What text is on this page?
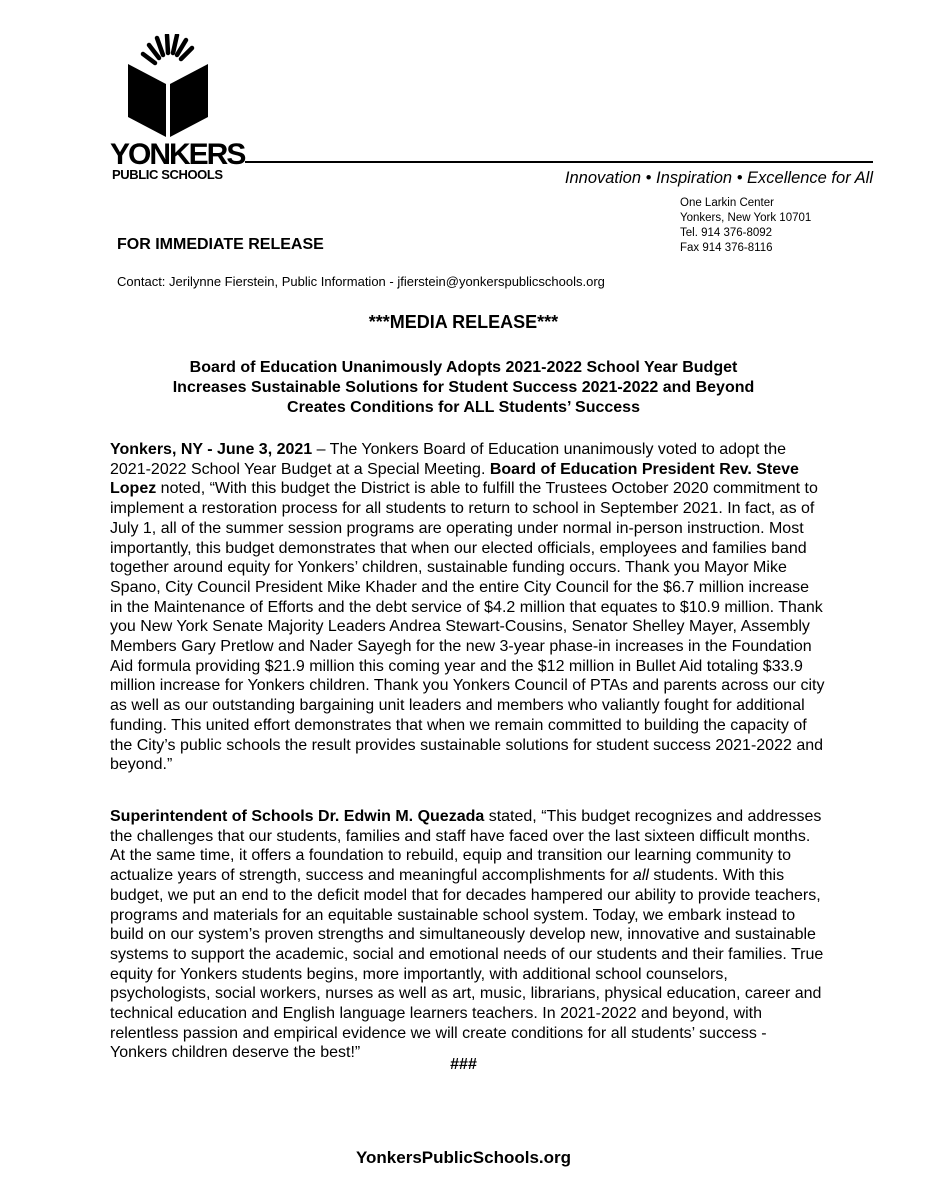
YONKERS
PUBLIC SCHOOLS	Innovation • Inspiration • Excellence for All
One Larkin Center
Yonkers, New York 10701
Tel. 914 376-8092
Fax 914 376-8116
FOR IMMEDIATE RELEASE
Contact: Jerilynne Fierstein, Public Information - jfierstein@yonkerspublicschools.org
***MEDIA RELEASE***
Board of Education Unanimously Adopts 2021-2022 School Year Budget
Increases Sustainable Solutions for Student Success 2021-2022 and Beyond
Creates Conditions for ALL Students’ Success
Yonkers, NY - June 3, 2021 – The Yonkers Board of Education unanimously voted to adopt the 2021-2022 School Year Budget at a Special Meeting. Board of Education President Rev. Steve Lopez noted, “With this budget the District is able to fulfill the Trustees October 2020 commitment to implement a restoration process for all students to return to school in September 2021. In fact, as of July 1, all of the summer session programs are operating under normal in-person instruction. Most importantly, this budget demonstrates that when our elected officials, employees and families band together around equity for Yonkers’ children, sustainable funding occurs. Thank you Mayor Mike Spano, City Council President Mike Khader and the entire City Council for the $6.7 million increase in the Maintenance of Efforts and the debt service of $4.2 million that equates to $10.9 million. Thank you New York Senate Majority Leaders Andrea Stewart-Cousins, Senator Shelley Mayer, Assembly Members Gary Pretlow and Nader Sayegh for the new 3-year phase-in increases in the Foundation Aid formula providing $21.9 million this coming year and the $12 million in Bullet Aid totaling $33.9 million increase for Yonkers children. Thank you Yonkers Council of PTAs and parents across our city as well as our outstanding bargaining unit leaders and members who valiantly fought for additional funding. This united effort demonstrates that when we remain committed to building the capacity of the City’s public schools the result provides sustainable solutions for student success 2021-2022 and beyond.”
Superintendent of Schools Dr. Edwin M. Quezada stated, “This budget recognizes and addresses the challenges that our students, families and staff have faced over the last sixteen difficult months. At the same time, it offers a foundation to rebuild, equip and transition our learning community to actualize years of strength, success and meaningful accomplishments for all students. With this budget, we put an end to the deficit model that for decades hampered our ability to provide teachers, programs and materials for an equitable sustainable school system. Today, we embark instead to build on our system’s proven strengths and simultaneously develop new, innovative and sustainable systems to support the academic, social and emotional needs of our students and their families. True equity for Yonkers students begins, more importantly, with additional school counselors, psychologists, social workers, nurses as well as art, music, librarians, physical education, career and technical education and English language learners teachers. In 2021-2022 and beyond, with relentless passion and empirical evidence we will create conditions for all students’ success - Yonkers children deserve the best!”
###
YonkersPublicSchools.org
